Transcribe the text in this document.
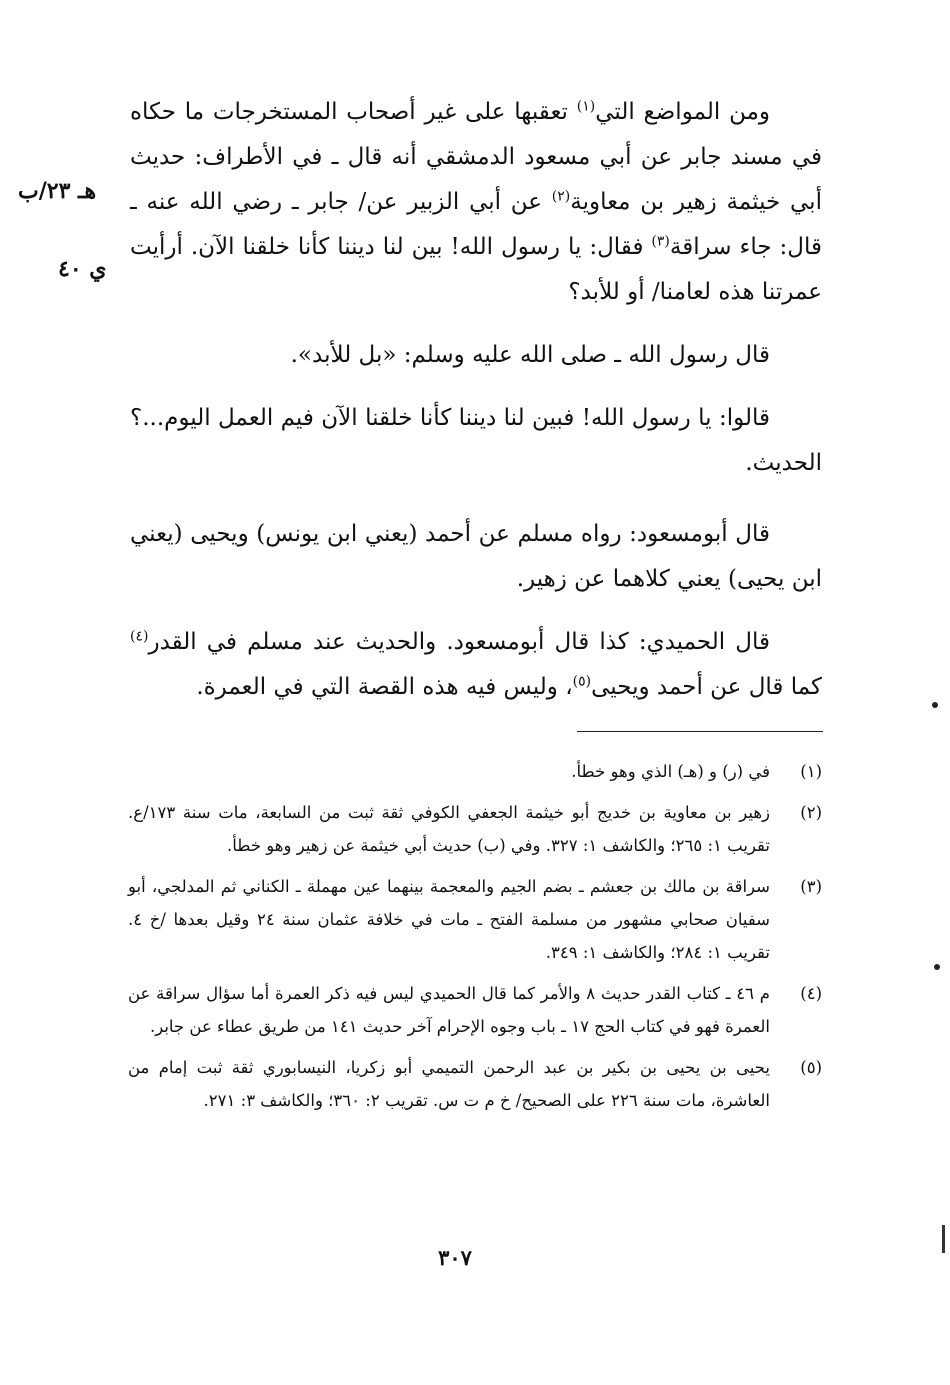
ومن المواضع التي$^{(١)}$ تعقبها على غير أصحاب المستخرجات ما حكاه في مسند جابر عن أبي مسعود الدمشقي أنه قال ـ في الأطراف: حديث أبي خيثمة زهير بن معاوية$^{(٢)}$ عن أبي الزبير عن/ جابر ـ رضي الله عنه ـ قال: جاء سراقة$^{(٣)}$ فقال: يا رسول الله! بين لنا ديننا كأنا خلقنا الآن. أرأيت عمرتنا هذه لعامنا/ أو للأبد؟

قال رسول الله ـ صلى الله عليه وسلم: «بل للأبد».

قالوا: يا رسول الله! فبين لنا ديننا كأنا خلقنا الآن فيم العمل اليوم...؟ الحديث.

قال أبومسعود: رواه مسلم عن أحمد (يعني ابن يونس) ويحيى (يعني ابن يحيى) يعني كلاهما عن زهير.

قال الحميدي: كذا قال أبومسعود. والحديث عند مسلم في القدر$^{(٤)}$ كما قال عن أحمد ويحيى$^{(٥)}$، وليس فيه هذه القصة التي في العمرة.

هـ ٢٣/ب
ي ٤٠
(١)
في (ر) و (هـ) الذي وهو خطأ.
(٢)
زهير بن معاوية بن خديج أبو خيثمة الجعفي الكوفي ثقة ثبت من السابعة، مات سنة ١٧٣/ع. تقريب ١: ٢٦٥؛ والكاشف ١: ٣٢٧. وفي (ب) حديث أبي خيثمة عن زهير وهو خطأ.
(٣)
سراقة بن مالك بن جعشم ـ بضم الجيم والمعجمة بينهما عين مهملة ـ الكناني ثم المدلجي، أبو سفيان صحابي مشهور من مسلمة الفتح ـ مات في خلافة عثمان سنة ٢٤ وقيل بعدها /خ ٤. تقريب ١: ٢٨٤؛ والكاشف ١: ٣٤٩.
(٤)
م ٤٦ ـ كتاب القدر حديث ٨ والأمر كما قال الحميدي ليس فيه ذكر العمرة أما سؤال سراقة عن العمرة فهو في كتاب الحج ١٧ ـ باب وجوه الإحرام آخر حديث ١٤١ من طريق عطاء عن جابر.
(٥)
يحيى بن يحيى بن بكير بن عبد الرحمن التميمي أبو زكريا، النيسابوري ثقة ثبت إمام من العاشرة، مات سنة ٢٢٦ على الصحيح/ خ م ت س. تقريب ٢: ٣٦٠؛ والكاشف ٣: ٢٧١.
٣٠٧
